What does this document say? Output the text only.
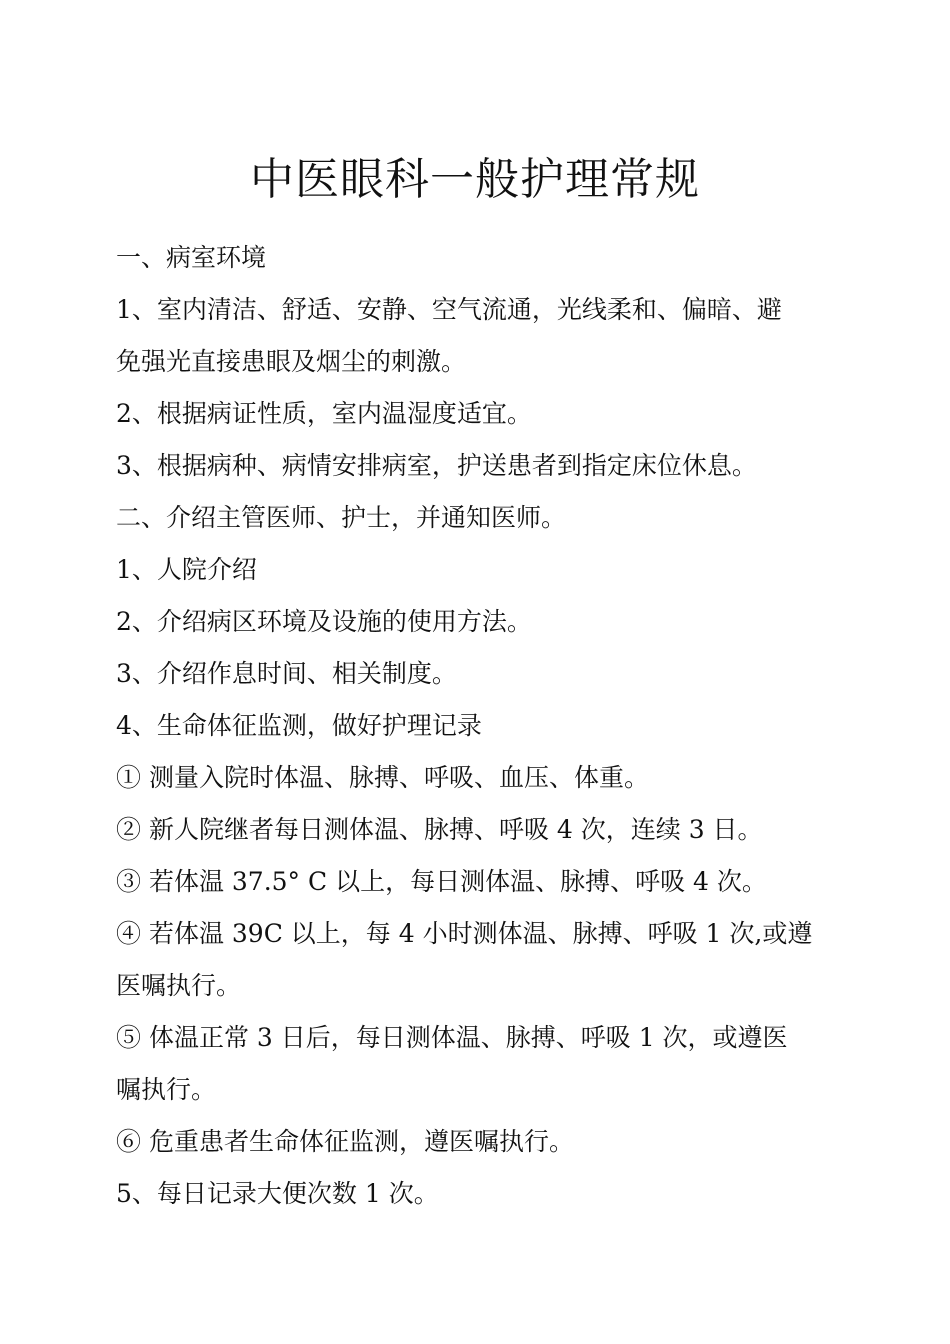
中医眼科一般护理常规

一、病室环境

1、室内清洁、舒适、安静、空气流通，光线柔和、偏暗、避

免强光直接患眼及烟尘的刺激。

2、根据病证性质，室内温湿度适宜。

3、根据病种、病情安排病室，护送患者到指定床位休息。

二、介绍主管医师、护士，并通知医师。

1、人院介绍

2、介绍病区环境及设施的使用方法。

3、介绍作息时间、相关制度。

4、生命体征监测，做好护理记录

① 测量入院时体温、脉搏、呼吸、血压、体重。

② 新人院继者每日测体温、脉搏、呼吸 4 次，连续 3 日。

③ 若体温 37.5° C 以上，每日测体温、脉搏、呼吸 4 次。

④ 若体温 39C 以上，每 4 小时测体温、脉搏、呼吸 1 次,或遵

医嘱执行。

⑤ 体温正常 3 日后，每日测体温、脉搏、呼吸 1 次，或遵医

嘱执行。

⑥ 危重患者生命体征监测，遵医嘱执行。

5、每日记录大便次数 1 次。
